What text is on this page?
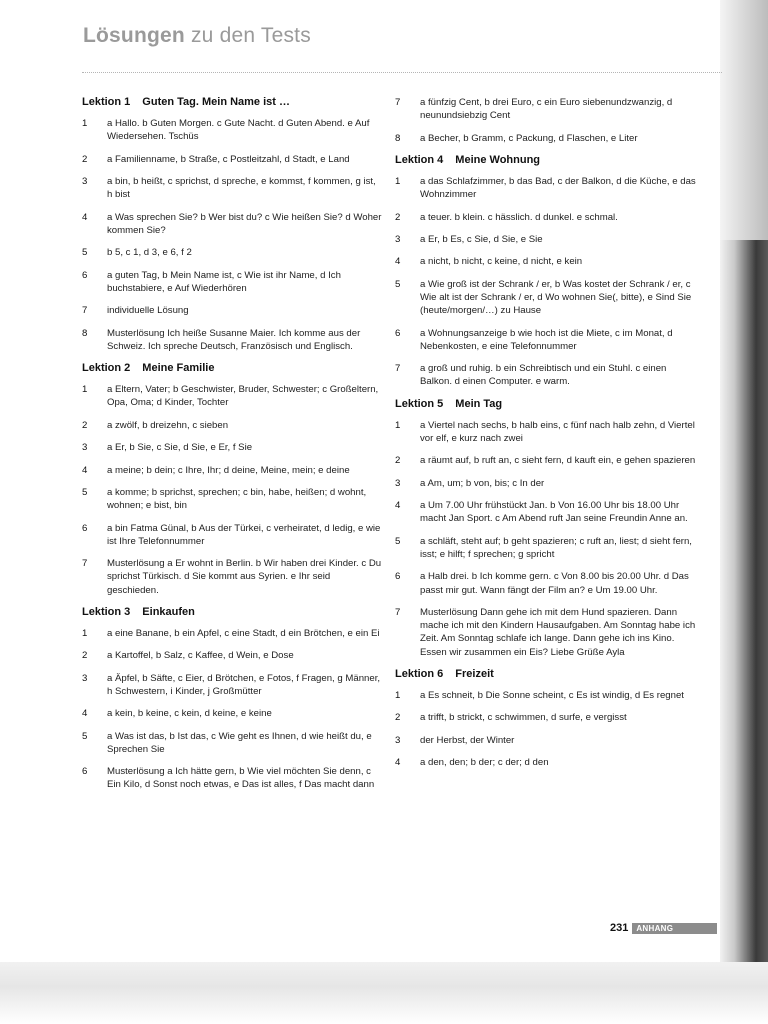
Lösungen zu den Tests
Lektion 1 Guten Tag. Mein Name ist …
1	a Hallo. b Guten Morgen. c Gute Nacht. d Guten Abend. e Auf Wiedersehen. Tschüs
2	a Familienname, b Straße, c Postleitzahl, d Stadt, e Land
3	a bin, b heißt, c sprichst, d spreche, e kommst, f kommen, g ist, h bist
4	a Was sprechen Sie? b Wer bist du? c Wie heißen Sie? d Woher kommen Sie?
5	b 5, c 1, d 3, e 6, f 2
6	a guten Tag, b Mein Name ist, c Wie ist ihr Name, d Ich buchstabiere, e Auf Wiederhören
7	individuelle Lösung
8	Musterlösung Ich heiße Susanne Maier. Ich komme aus der Schweiz. Ich spreche Deutsch, Französisch und Englisch.
Lektion 2 Meine Familie
1	a Eltern, Vater; b Geschwister, Bruder, Schwester; c Großeltern, Opa, Oma; d Kinder, Tochter
2	a zwölf, b dreizehn, c sieben
3	a Er, b Sie, c Sie, d Sie, e Er, f Sie
4	a meine; b dein; c Ihre, Ihr; d deine, Meine, mein; e deine
5	a komme; b sprichst, sprechen; c bin, habe, heißen; d wohnt, wohnen; e bist, bin
6	a bin Fatma Günal, b Aus der Türkei, c verheiratet, d ledig, e wie ist Ihre Telefonnummer
7	Musterlösung a Er wohnt in Berlin. b Wir haben drei Kinder. c Du sprichst Türkisch. d Sie kommt aus Syrien. e Ihr seid geschieden.
Lektion 3 Einkaufen
1	a eine Banane, b ein Apfel, c eine Stadt, d ein Brötchen, e ein Ei
2	a Kartoffel, b Salz, c Kaffee, d Wein, e Dose
3	a Äpfel, b Säfte, c Eier, d Brötchen, e Fotos, f Fragen, g Männer, h Schwestern, i Kinder, j Großmütter
4	a kein, b keine, c kein, d keine, e keine
5	a Was ist das, b Ist das, c Wie geht es Ihnen, d wie heißt du, e Sprechen Sie
6	Musterlösung a Ich hätte gern, b Wie viel möchten Sie denn, c Ein Kilo, d Sonst noch etwas, e Das ist alles, f Das macht dann
7	a fünfzig Cent, b drei Euro, c ein Euro siebenundzwanzig, d neunundsiebzig Cent
8	a Becher, b Gramm, c Packung, d Flaschen, e Liter
Lektion 4 Meine Wohnung
1	a das Schlafzimmer, b das Bad, c der Balkon, d die Küche, e das Wohnzimmer
2	a teuer. b klein. c hässlich. d dunkel. e schmal.
3	a Er, b Es, c Sie, d Sie, e Sie
4	a nicht, b nicht, c keine, d nicht, e kein
5	a Wie groß ist der Schrank / er, b Was kostet der Schrank / er, c Wie alt ist der Schrank / er, d Wo wohnen Sie(, bitte), e Sind Sie (heute/morgen/…) zu Hause
6	a Wohnungsanzeige b wie hoch ist die Miete, c im Monat, d Nebenkosten, e eine Telefonnummer
7	a groß und ruhig. b ein Schreibtisch und ein Stuhl. c einen Balkon. d einen Computer. e warm.
Lektion 5 Mein Tag
1	a Viertel nach sechs, b halb eins, c fünf nach halb zehn, d Viertel vor elf, e kurz nach zwei
2	a räumt auf, b ruft an, c sieht fern, d kauft ein, e gehen spazieren
3	a Am, um; b von, bis; c In der
4	a Um 7.00 Uhr frühstückt Jan. b Von 16.00 Uhr bis 18.00 Uhr macht Jan Sport. c Am Abend ruft Jan seine Freundin Anne an.
5	a schläft, steht auf; b geht spazieren; c ruft an, liest; d sieht fern, isst; e hilft; f sprechen; g spricht
6	a Halb drei. b Ich komme gern. c Von 8.00 bis 20.00 Uhr. d Das passt mir gut. Wann fängt der Film an? e Um 19.00 Uhr.
7	Musterlösung Dann gehe ich mit dem Hund spazieren. Dann mache ich mit den Kindern Hausaufgaben. Am Sonntag habe ich Zeit. Am Sonntag schlafe ich lange. Dann gehe ich ins Kino. Essen wir zusammen ein Eis? Liebe Grüße Ayla
Lektion 6 Freizeit
1	a Es schneit, b Die Sonne scheint, c Es ist windig, d Es regnet
2	a trifft, b strickt, c schwimmen, d surfe, e vergisst
3	der Herbst, der Winter
4	a den, den; b der; c der; d den
231	ANHANG
